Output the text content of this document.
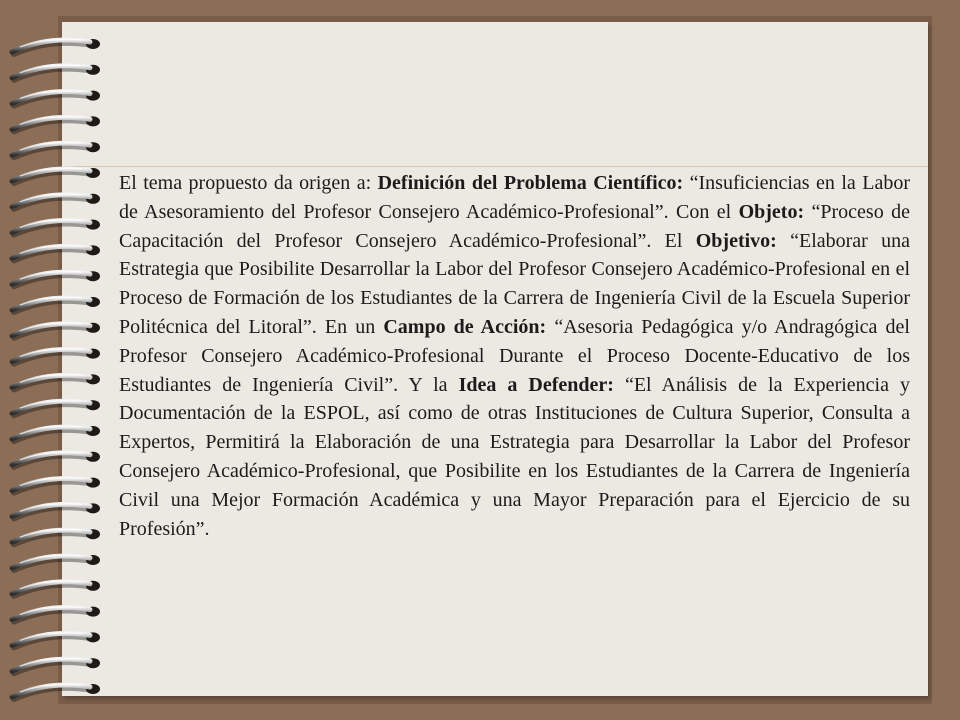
El tema propuesto da origen a: Definición del Problema Científico: “Insuficiencias en la Labor de Asesoramiento del Profesor Consejero Académico-Profesional”. Con el Objeto: “Proceso de Capacitación del Profesor Consejero Académico-Profesional”. El Objetivo: “Elaborar una Estrategia que Posibilite Desarrollar la Labor del Profesor Consejero Académico-Profesional en el Proceso de Formación de los Estudiantes de la Carrera de Ingeniería Civil de la Escuela Superior Politécnica del Litoral”. En un Campo de Acción: “Asesoria Pedagógica y/o Andragógica del Profesor Consejero Académico-Profesional Durante el Proceso Docente-Educativo de los Estudiantes de Ingeniería Civil”. Y la Idea a Defender: “El Análisis de la Experiencia y Documentación de la ESPOL, así como de otras Instituciones de Cultura Superior, Consulta a Expertos, Permitirá la Elaboración de una Estrategia para Desarrollar la Labor del Profesor Consejero Académico-Profesional, que Posibilite en los Estudiantes de la Carrera de Ingeniería Civil una Mejor Formación Académica y una Mayor Preparación para el Ejercicio de su Profesión”.
